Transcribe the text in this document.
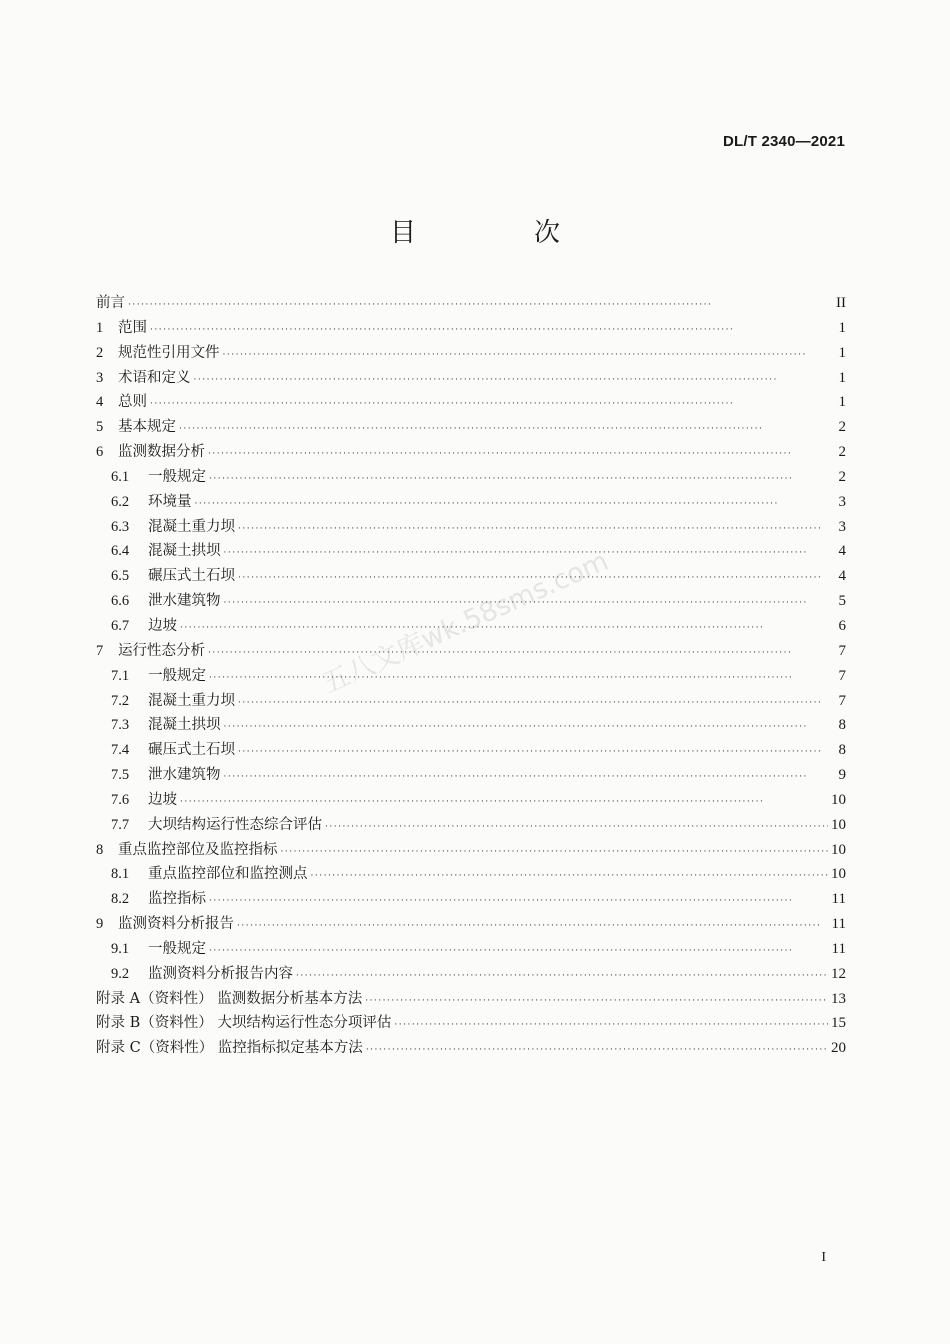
DL/T 2340—2021
目　次
五八文库wk.58sms.com
前言 ·····	II
1	范围 ·····	1
2	规范性引用文件 ·····	1
3	术语和定义 ·····	1
4	总则 ·····	1
5	基本规定 ·····	2
6	监测数据分析 ·····	2
6.1	一般规定 ·····	2
6.2	环境量 ·····	3
6.3	混凝土重力坝 ·····	3
6.4	混凝土拱坝 ·····	4
6.5	碾压式土石坝 ·····	4
6.6	泄水建筑物 ·····	5
6.7	边坡 ·····	6
7	运行性态分析 ·····	7
7.1	一般规定 ·····	7
7.2	混凝土重力坝 ·····	7
7.3	混凝土拱坝 ·····	8
7.4	碾压式土石坝 ·····	8
7.5	泄水建筑物 ·····	9
7.6	边坡 ·····	10
7.7	大坝结构运行性态综合评估 ·····	10
8	重点监控部位及监控指标 ·····	10
8.1	重点监控部位和监控测点 ·····	10
8.2	监控指标 ·····	11
9	监测资料分析报告 ·····	11
9.1	一般规定 ·····	11
9.2	监测资料分析报告内容 ·····	12
附录 A（资料性） 监测数据分析基本方法 ·····	13
附录 B（资料性） 大坝结构运行性态分项评估 ·····	15
附录 C（资料性） 监控指标拟定基本方法 ·····	20
I
